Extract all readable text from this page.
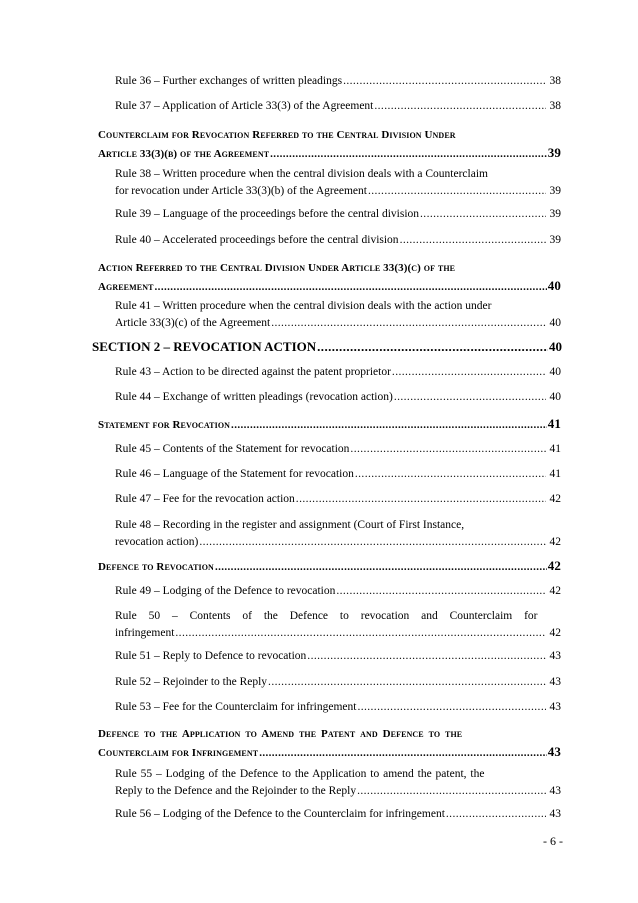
Rule 36 – Further exchanges of written pleadings .....	38
Rule 37 – Application of Article 33(3) of the Agreement .....	38
Counterclaim for Revocation Referred to the Central Division Under
Article 33(3)(b) of the Agreement .....	39
Rule 38 – Written procedure when the central division deals with a Counterclaim
for revocation under Article 33(3)(b) of the Agreement .....	39
Rule 39 – Language of the proceedings before the central division .....	39
Rule 40 – Accelerated proceedings before the central division .....	39
Action Referred to the Central Division Under Article 33(3)(c) of the
Agreement .....	40
Rule 41 – Written procedure when the central division deals with the action under
Article 33(3)(c) of the Agreement .....	40
SECTION 2 – REVOCATION ACTION .....	40
Rule 43 – Action to be directed against the patent proprietor .....	40
Rule 44 – Exchange of written pleadings (revocation action) .....	40
Statement for Revocation .....	41
Rule 45 – Contents of the Statement for revocation .....	41
Rule 46 – Language of the Statement for revocation .....	41
Rule 47 – Fee for the revocation action .....	42
Rule 48 – Recording in the register and assignment (Court of First Instance,
revocation action) .....	42
Defence to Revocation .....	42
Rule 49 – Lodging of the Defence to revocation .....	42
Rule 50 – Contents of the Defence to revocation and Counterclaim for
infringement .....	42
Rule 51 – Reply to Defence to revocation .....	43
Rule 52 – Rejoinder to the Reply .....	43
Rule 53 – Fee for the Counterclaim for infringement .....	43
Defence to the Application to Amend the Patent and Defence to the
Counterclaim for Infringement .....	43
Rule 55 – Lodging of the Defence to the Application to amend the patent, the
Reply to the Defence and the Rejoinder to the Reply .....	43
Rule 56 – Lodging of the Defence to the Counterclaim for infringement .....	43
- 6 -
